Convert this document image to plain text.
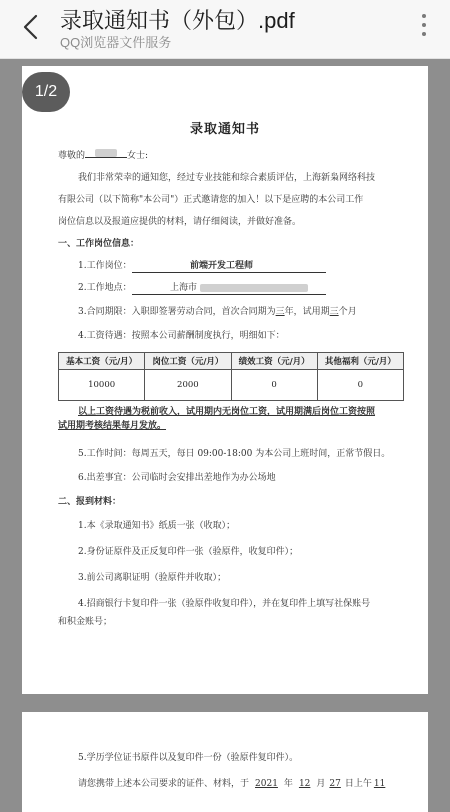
录取通知书（外包）.pdf
QQ浏览器文件服务
1/2
录取通知书
尊敬的	女士:
我们非常荣幸的通知您，经过专业技能和综合素质评估，上海新枭网络科技
有限公司（以下简称"本公司"）正式邀请您的加入！以下是应聘的本公司工作
岗位信息以及报道应提供的材料，请仔细阅读，并做好准备。
一、工作岗位信息：
1.工作岗位：	前端开发工程师
2.工作地点：	上海市
3.合同期限：入职即签署劳动合同，首次合同期为三年，试用期三个月
4.工资待遇：按照本公司薪酬制度执行，明细如下：
基本工资（元/月）	岗位工资（元/月）	绩效工资（元/月）	其他福利（元/月）
10000	2000	0	0
以上工资待遇为税前收入，试用期内无岗位工资，试用期满后岗位工资按照
试用期考核结果每月发放。
5.工作时间：每周五天，每日 09:00-18:00 为本公司上班时间，正常节假日。
6.出差事宜：公司临时会安排出差地作为办公场地
二、报到材料：
1.本《录取通知书》纸质一张（收取）；
2.身份证原件及正反复印件一张（验原件，收复印件）；
3.前公司离职证明（验原件并收取）；
4.招商银行卡复印件一张（验原件收复印件），并在复印件上填写社保账号
和积金账号；
5.学历学位证书原件以及复印件一份（验原件复印件）。
请您携带上述本公司要求的证件、材料，于 2021 年 12 月 27 日上午 11
